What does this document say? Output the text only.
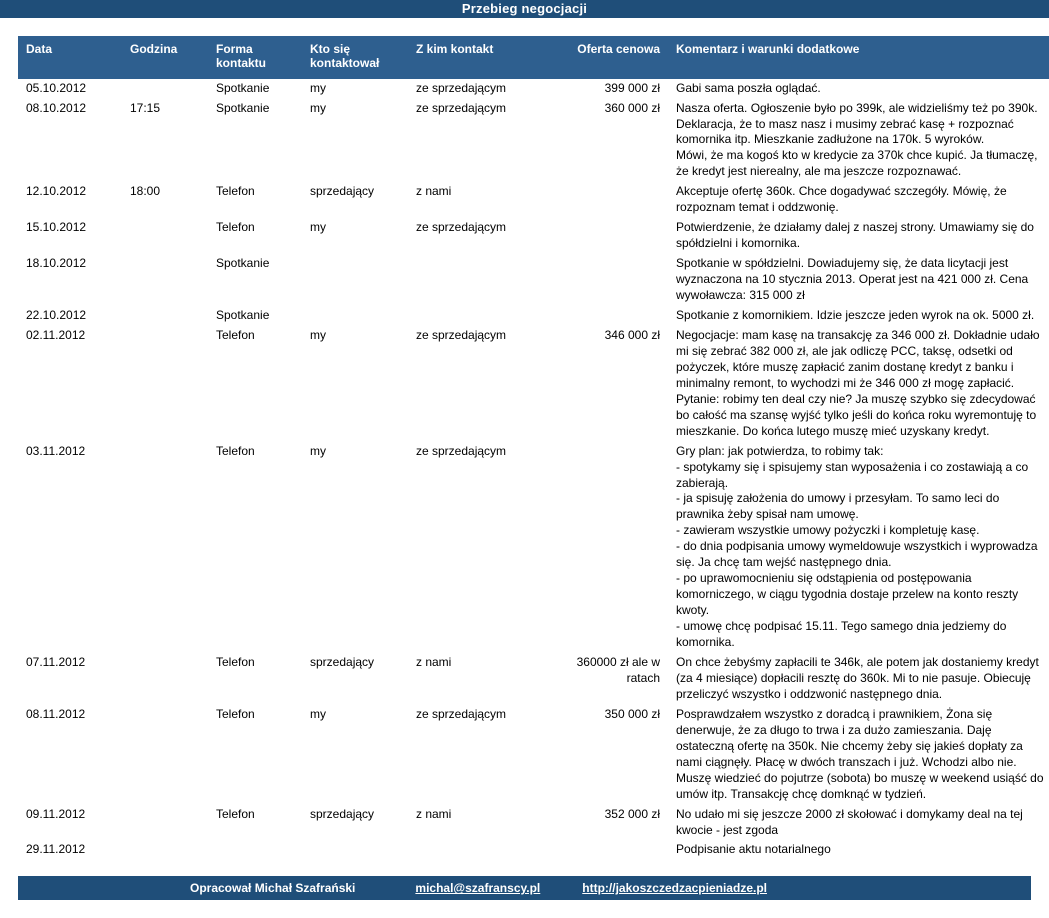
Przebieg negocjacji
Data	Godzina	Forma kontaktu	Kto się kontaktował	Z kim kontakt	Oferta cenowa	Komentarz i warunki dodatkowe
05.10.2012		Spotkanie	my	ze sprzedającym	399 000 zł	Gabi sama poszła oglądać.

08.10.2012	17:15	Spotkanie	my	ze sprzedającym	360 000 zł	Nasza oferta. Ogłoszenie było po 399k, ale widzieliśmy też po 390k.
Deklaracja, że to masz nasz i musimy zebrać kasę + rozpoznać komornika itp. Mieszkanie zadłużone na 170k. 5 wyroków.
Mówi, że ma kogoś kto w kredycie za 370k chce kupić. Ja tłumaczę, że kredyt jest nierealny, ale ma jeszcze rozpoznawać.

12.10.2012	18:00	Telefon	sprzedający	z nami		Akceptuje ofertę 360k. Chce dogadywać szczegóły. Mówię, że rozpoznam temat i oddzwonię.

15.10.2012		Telefon	my	ze sprzedającym		Potwierdzenie, że działamy dalej z naszej strony. Umawiamy się do spółdzielni i komornika.

18.10.2012		Spotkanie				Spotkanie w spółdzielni. Dowiadujemy się, że data licytacji jest wyznaczona na 10 stycznia 2013. Operat jest na 421 000 zł. Cena wywoławcza: 315 000 zł

22.10.2012		Spotkanie				Spotkanie z komornikiem. Idzie jeszcze jeden wyrok na ok. 5000 zł.

02.11.2012		Telefon	my	ze sprzedającym	346 000 zł	Negocjacje: mam kasę na transakcję za 346 000 zł. Dokładnie udało mi się zebrać 382 000 zł, ale jak odliczę PCC, taksę, odsetki od pożyczek, które muszę zapłacić zanim dostanę kredyt z banku i minimalny remont, to wychodzi mi że 346 000 zł mogę zapłacić.
Pytanie: robimy ten deal czy nie? Ja muszę szybko się zdecydować bo całość ma szansę wyjść tylko jeśli do końca roku wyremontuję to mieszkanie. Do końca lutego muszę mieć uzyskany kredyt.

03.11.2012		Telefon	my	ze sprzedającym		Gry plan: jak potwierdza, to robimy tak:
- spotykamy się i spisujemy stan wyposażenia i co zostawiają a co zabierają.
- ja spisuję założenia do umowy i przesyłam. To samo leci do prawnika żeby spisał nam umowę.
- zawieram wszystkie umowy pożyczki i kompletuję kasę.
- do dnia podpisania umowy wymeldowuje wszystkich i wyprowadza się. Ja chcę tam wejść następnego dnia.
- po uprawomocnieniu się odstąpienia od postępowania komorniczego, w ciągu tygodnia dostaje przelew na konto reszty kwoty.
- umowę chcę podpisać 15.11. Tego samego dnia jedziemy do komornika.

07.11.2012		Telefon	sprzedający	z nami	360000 zł ale w ratach	On chce żebyśmy zapłacili te 346k, ale potem jak dostaniemy kredyt (za 4 miesiące) dopłacili resztę do 360k. Mi to nie pasuje. Obiecuję przeliczyć wszystko i oddzwonić następnego dnia.

08.11.2012		Telefon	my	ze sprzedającym	350 000 zł	Posprawdzałem wszystko z doradcą i prawnikiem, Żona się denerwuje, że za długo to trwa i za dużo zamieszania. Daję ostateczną ofertę na 350k. Nie chcemy żeby się jakieś dopłaty za nami ciągnęły. Płacę w dwóch transzach i już. Wchodzi albo nie.
Muszę wiedzieć do pojutrze (sobota) bo muszę w weekend usiąść do umów itp. Transakcję chcę domknąć w tydzień.

09.11.2012		Telefon	sprzedający	z nami	352 000 zł	No udało mi się jeszcze 2000 zł skołować i domykamy deal na tej kwocie - jest zgoda

29.11.2012						Podpisanie aktu notarialnego
Opracował Michał Szafrański	michal@szafranscy.pl	http://jakoszczedzacpieniadze.pl
